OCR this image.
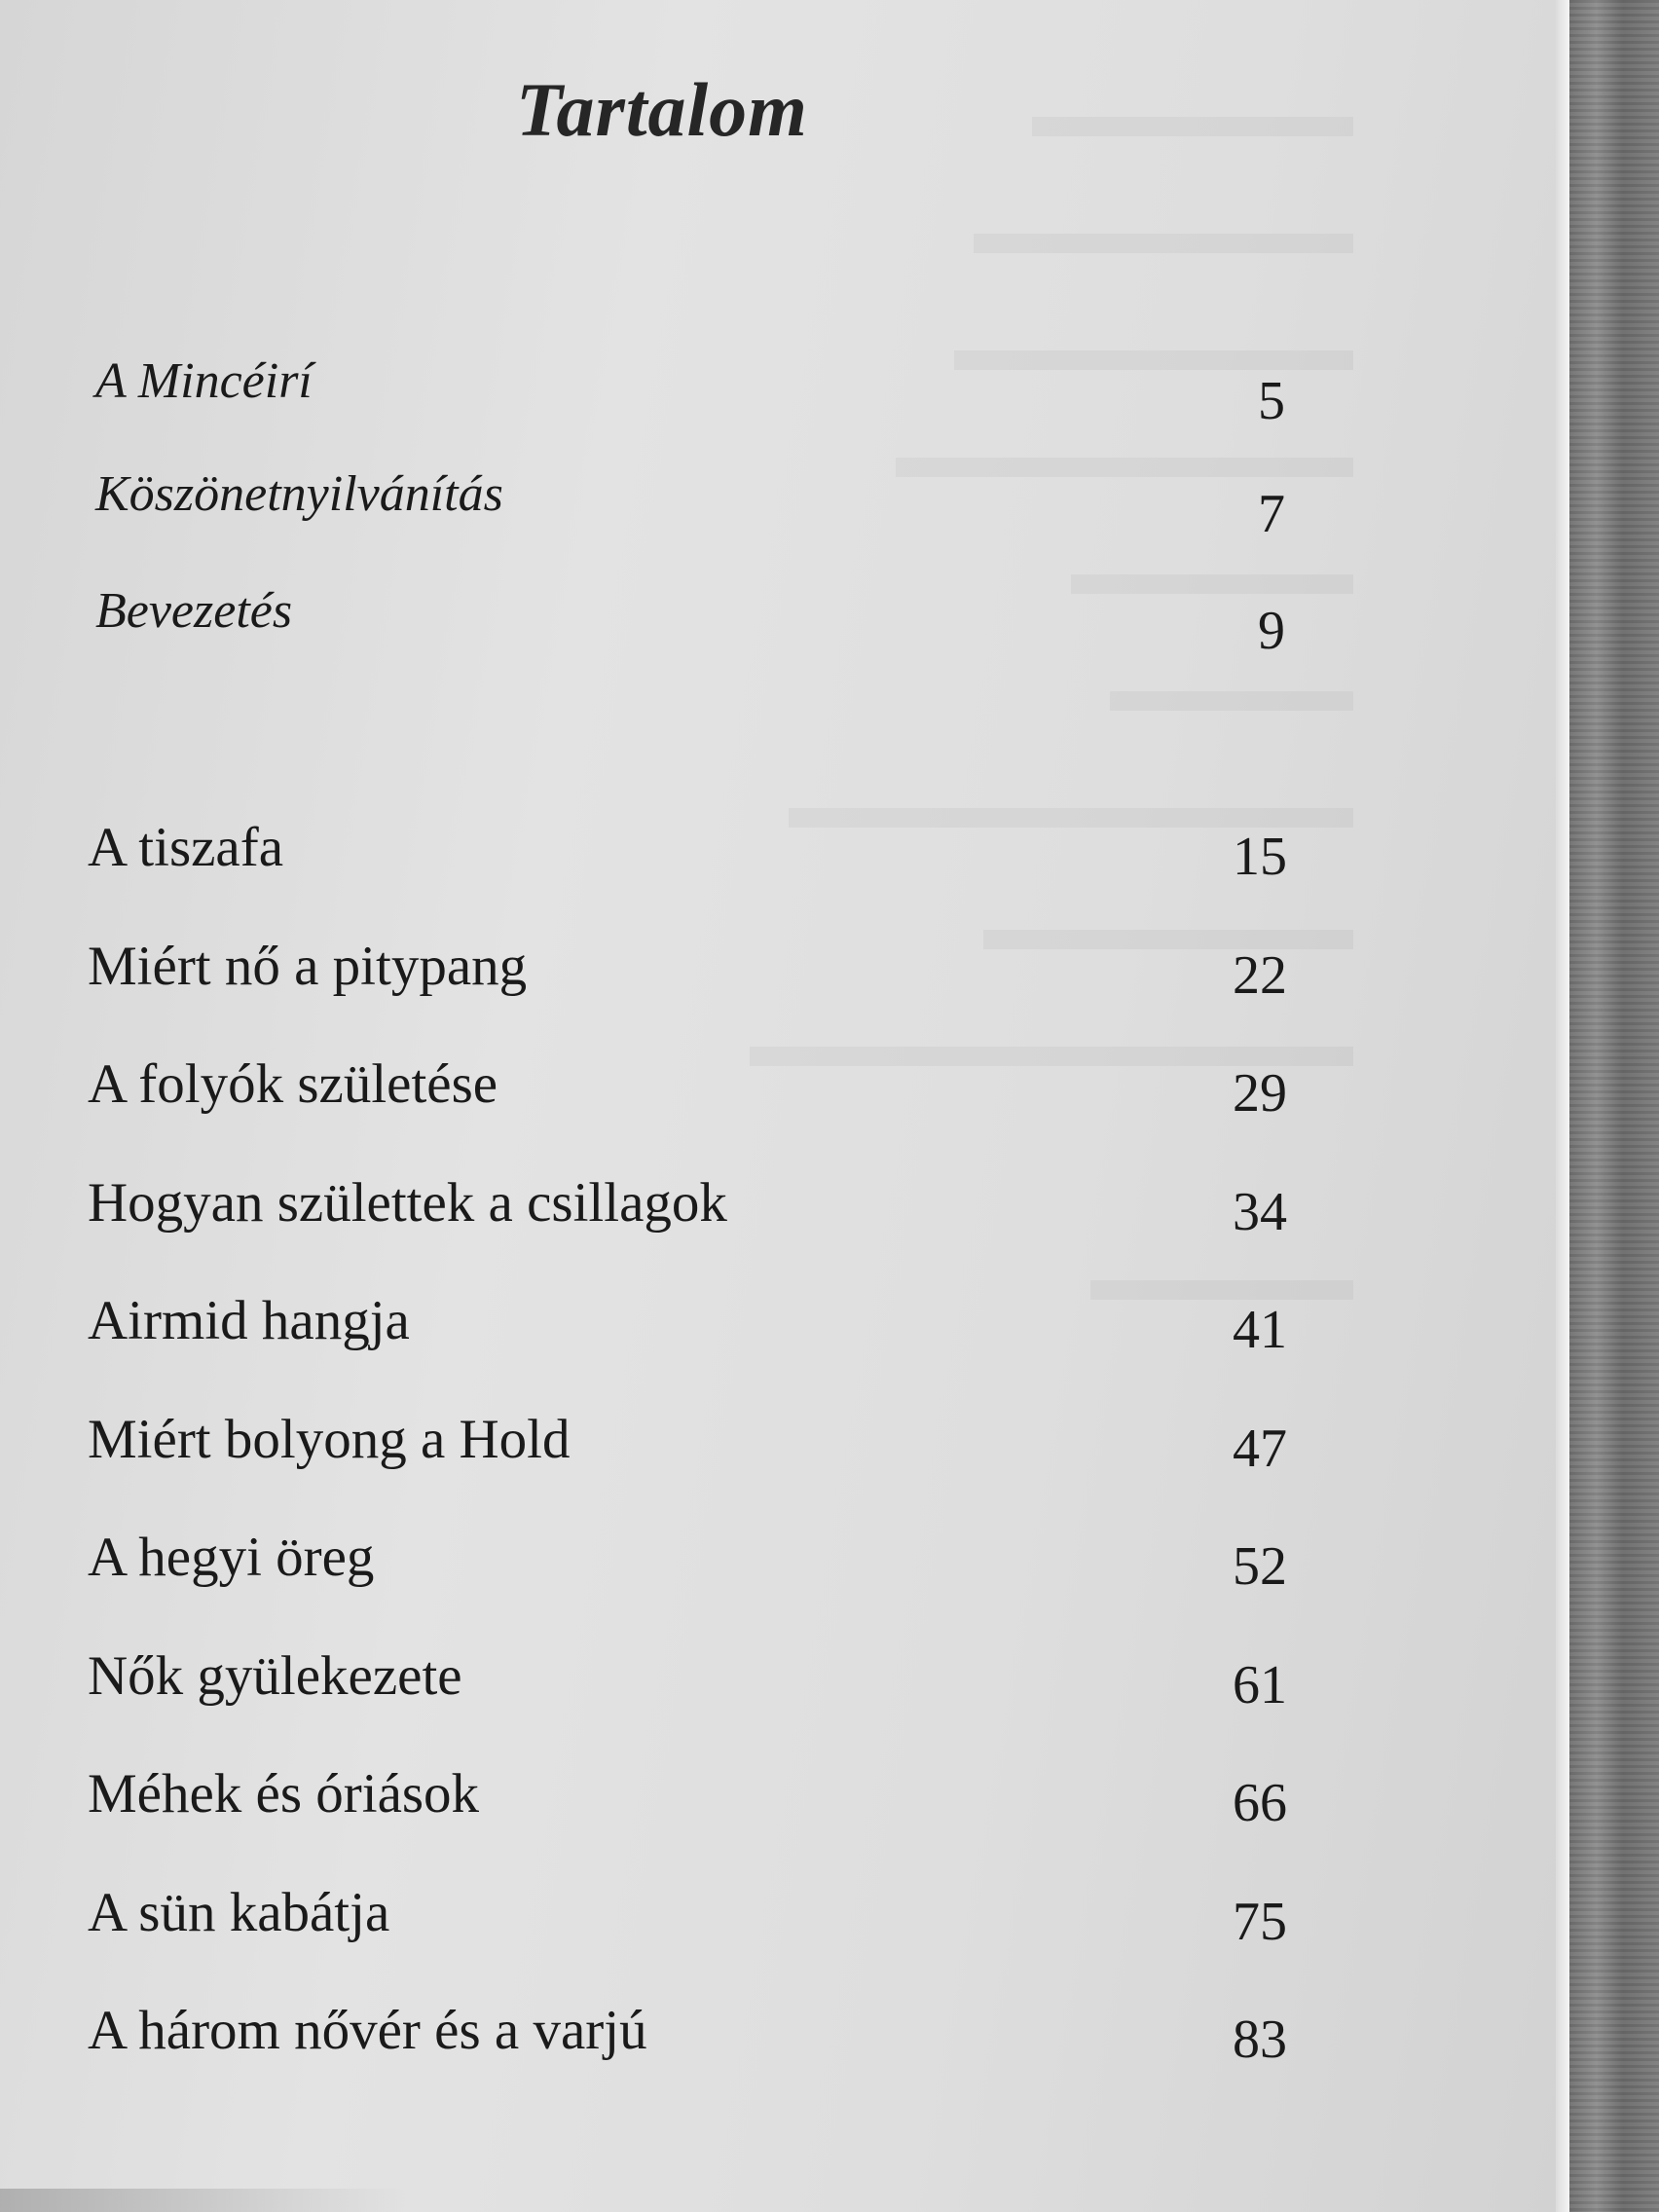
Tartalom
A Mincéirí	5
Köszönetnyilvánítás	7
Bevezetés	9
A tiszafa	15
Miért nő a pitypang	22
A folyók születése	29
Hogyan születtek a csillagok	34
Airmid hangja	41
Miért bolyong a Hold	47
A hegyi öreg	52
Nők gyülekezete	61
Méhek és óriások	66
A sün kabátja	75
A három nővér és a varjú	83
